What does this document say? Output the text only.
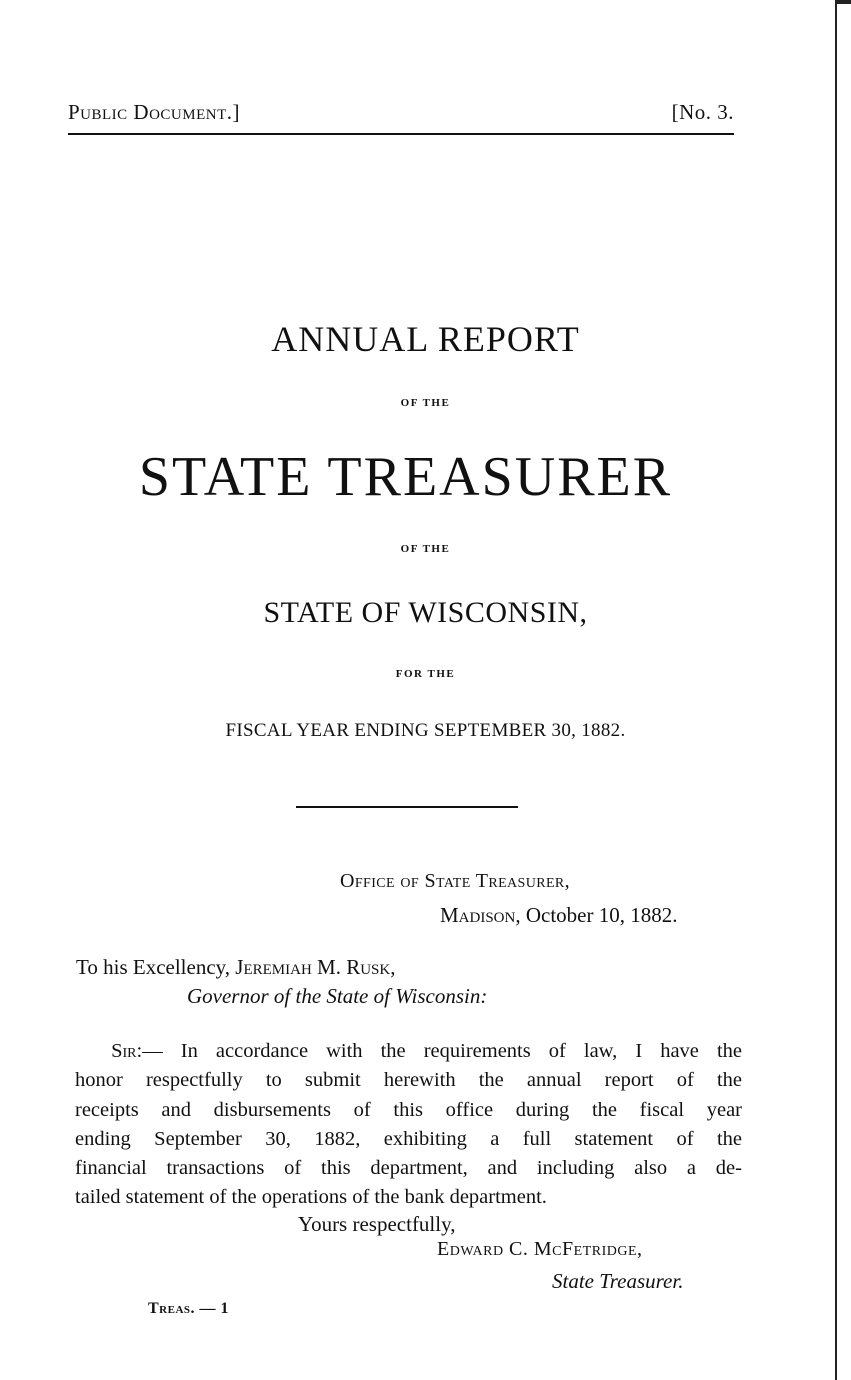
Public Document.]	[No. 3.
ANNUAL REPORT
OF THE
STATE TREASURER
OF THE
STATE OF WISCONSIN,
FOR THE
FISCAL YEAR ENDING SEPTEMBER 30, 1882.
Office of State Treasurer,
Madison, October 10, 1882.
To his Excellency, Jeremiah M. Rusk,
Governor of the State of Wisconsin:
Sir:— In accordance with the requirements of law, I have the
honor respectfully to submit herewith the annual report of the
receipts and disbursements of this office during the fiscal year
ending September 30, 1882, exhibiting a full statement of the
financial transactions of this department, and including also a de-
tailed statement of the operations of the bank department.
Yours respectfully,
Edward C. McFetridge,
State Treasurer.
Treas. — 1
